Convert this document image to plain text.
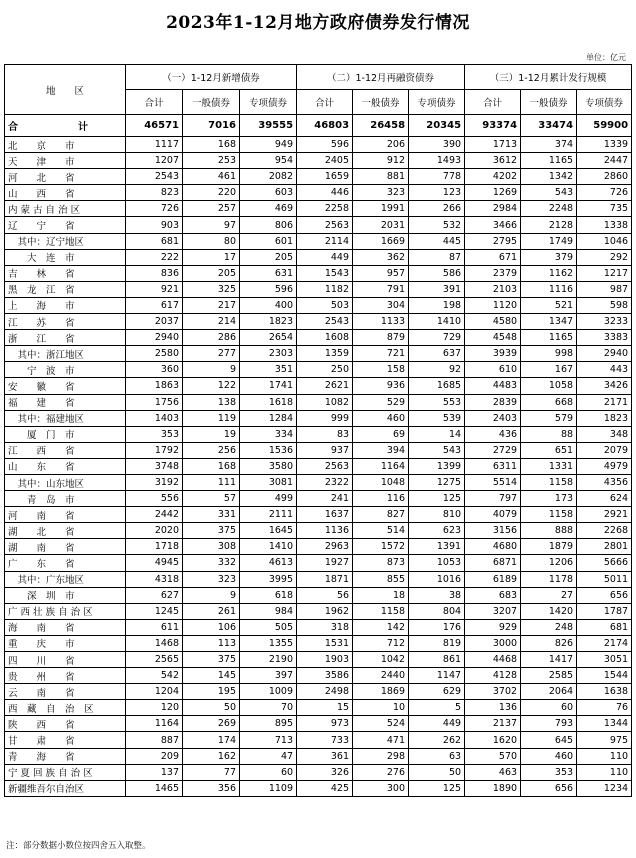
2023年1-12月地方政府债券发行情况
单位：亿元
地　　区	（一）1-12月新增债券			（二）1-12月再融资债券			（三）1-12月累计发行规模		
	合计	一般债券	专项债券	合计	一般债券	专项债券	合计	一般债券	专项债券
合　　　　　　计	46571	7016	39555	46803	26458	20345	93374	33474	59900
北　　京　　市	1117	168	949	596	206	390	1713	374	1339
天　　津　　市	1207	253	954	2405	912	1493	3612	1165	2447
河　　北　　省	2543	461	2082	1659	881	778	4202	1342	2860
山　　西　　省	823	220	603	446	323	123	1269	543	726
内 蒙 古 自 治 区	726	257	469	2258	1991	266	2984	2248	735
辽　　宁　　省	903	97	806	2563	2031	532	3466	2128	1338
　其中：辽宁地区	681	80	601	2114	1669	445	2795	1749	1046
　　大　连　市	222	17	205	449	362	87	671	379	292
吉　　林　　省	836	205	631	1543	957	586	2379	1162	1217
黑　龙　江　省	921	325	596	1182	791	391	2103	1116	987
上　　海　　市	617	217	400	503	304	198	1120	521	598
江　　苏　　省	2037	214	1823	2543	1133	1410	4580	1347	3233
浙　　江　　省	2940	286	2654	1608	879	729	4548	1165	3383
　其中：浙江地区	2580	277	2303	1359	721	637	3939	998	2940
　　宁　波　市	360	9	351	250	158	92	610	167	443
安　　徽　　省	1863	122	1741	2621	936	1685	4483	1058	3426
福　　建　　省	1756	138	1618	1082	529	553	2839	668	2171
　其中：福建地区	1403	119	1284	999	460	539	2403	579	1823
　　厦　门　市	353	19	334	83	69	14	436	88	348
江　　西　　省	1792	256	1536	937	394	543	2729	651	2079
山　　东　　省	3748	168	3580	2563	1164	1399	6311	1331	4979
　其中：山东地区	3192	111	3081	2322	1048	1275	5514	1158	4356
　　青　岛　市	556	57	499	241	116	125	797	173	624
河　　南　　省	2442	331	2111	1637	827	810	4079	1158	2921
湖　　北　　省	2020	375	1645	1136	514	623	3156	888	2268
湖　　南　　省	1718	308	1410	2963	1572	1391	4680	1879	2801
广　　东　　省	4945	332	4613	1927	873	1053	6871	1206	5666
　其中：广东地区	4318	323	3995	1871	855	1016	6189	1178	5011
　　深　圳　市	627	9	618	56	18	38	683	27	656
广 西 壮 族 自 治 区	1245	261	984	1962	1158	804	3207	1420	1787
海　　南　　省	611	106	505	318	142	176	929	248	681
重　　庆　　市	1468	113	1355	1531	712	819	3000	826	2174
四　　川　　省	2565	375	2190	1903	1042	861	4468	1417	3051
贵　　州　　省	542	145	397	3586	2440	1147	4128	2585	1544
云　　南　　省	1204	195	1009	2498	1869	629	3702	2064	1638
西　藏　自　治　区	120	50	70	15	10	5	136	60	76
陕　　西　　省	1164	269	895	973	524	449	2137	793	1344
甘　　肃　　省	887	174	713	733	471	262	1620	645	975
青　　海　　省	209	162	47	361	298	63	570	460	110
宁 夏 回 族 自 治 区	137	77	60	326	276	50	463	353	110
新疆维吾尔自治区	1465	356	1109	425	300	125	1890	656	1234
注：部分数据小数位按四舍五入取整。
